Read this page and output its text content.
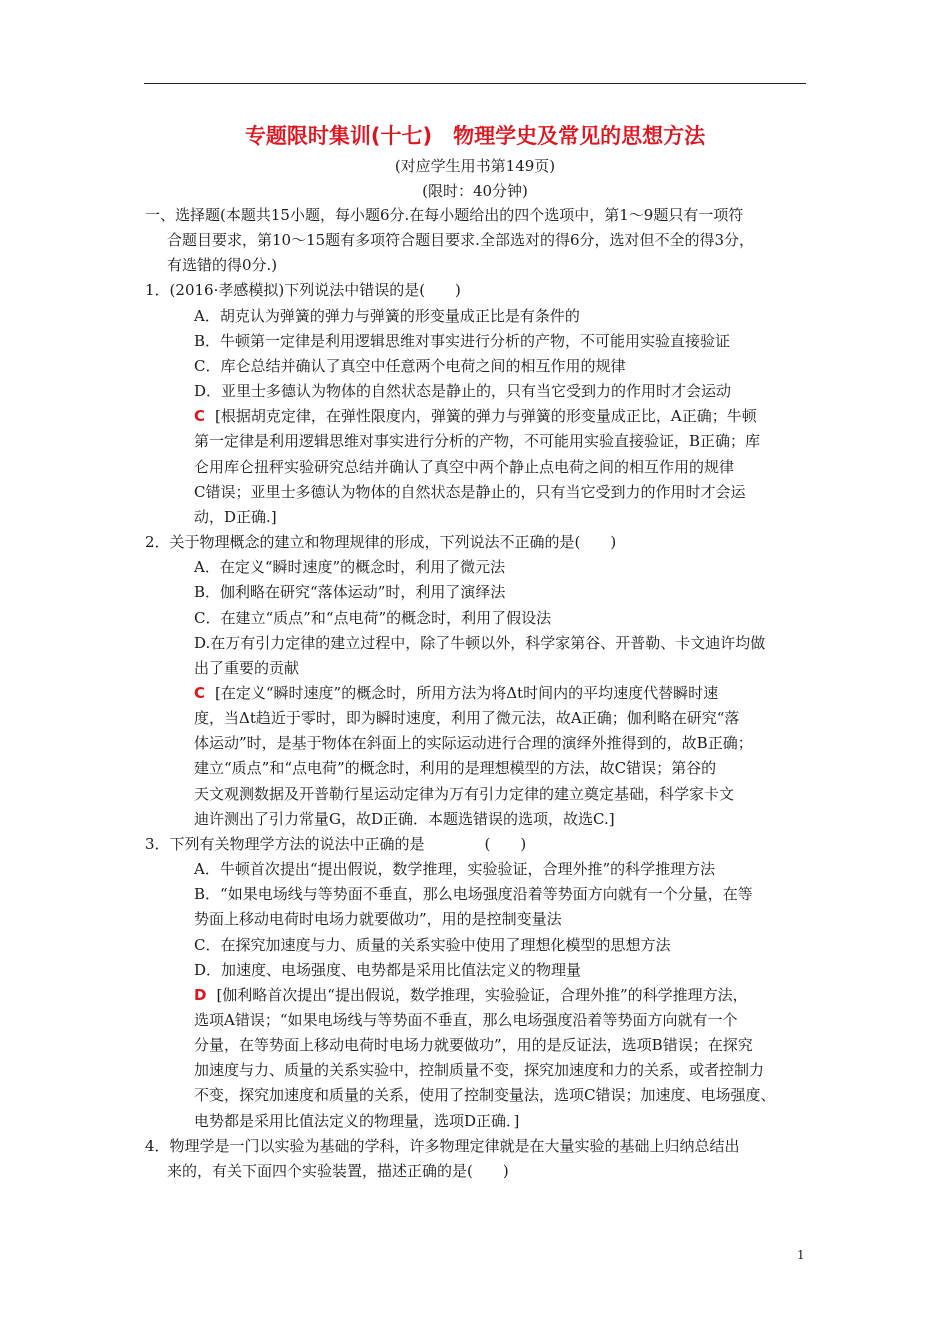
专题限时集训(十七)　物理学史及常见的思想方法
(对应学生用书第149页)
(限时：40分钟)
一、选择题(本题共15小题，每小题6分.在每小题给出的四个选项中，第1～9题只有一项符
合题目要求，第10～15题有多项符合题目要求.全部选对的得6分，选对但不全的得3分，
有选错的得0分.)
1．(2016·孝感模拟)下列说法中错误的是(　　)
A．胡克认为弹簧的弹力与弹簧的形变量成正比是有条件的
B．牛顿第一定律是利用逻辑思维对事实进行分析的产物，不可能用实验直接验证
C．库仑总结并确认了真空中任意两个电荷之间的相互作用的规律
D．亚里士多德认为物体的自然状态是静止的，只有当它受到力的作用时才会运动
C [根据胡克定律，在弹性限度内，弹簧的弹力与弹簧的形变量成正比，A正确；牛顿
第一定律是利用逻辑思维对事实进行分析的产物，不可能用实验直接验证，B正确；库
仑用库仑扭秤实验研究总结并确认了真空中两个静止点电荷之间的相互作用的规律
C错误；亚里士多德认为物体的自然状态是静止的，只有当它受到力的作用时才会运
动，D正确.]
2．关于物理概念的建立和物理规律的形成，下列说法不正确的是(　　)
A．在定义“瞬时速度”的概念时，利用了微元法
B．伽利略在研究“落体运动”时，利用了演绎法
C．在建立“质点”和“点电荷”的概念时，利用了假设法
D.在万有引力定律的建立过程中，除了牛顿以外，科学家第谷、开普勒、卡文迪许均做
出了重要的贡献
C [在定义“瞬时速度”的概念时，所用方法为将Δt时间内的平均速度代替瞬时速
度，当Δt趋近于零时，即为瞬时速度，利用了微元法，故A正确；伽利略在研究“落
体运动”时，是基于物体在斜面上的实际运动进行合理的演绎外推得到的，故B正确；
建立“质点”和“点电荷”的概念时，利用的是理想模型的方法，故C错误；第谷的
天文观测数据及开普勒行星运动定律为万有引力定律的建立奠定基础，科学家卡文
迪许测出了引力常量G，故D正确．本题选错误的选项，故选C.]
3．下列有关物理学方法的说法中正确的是　　　　(　　)
A．牛顿首次提出“提出假说，数学推理，实验验证，合理外推”的科学推理方法
B．“如果电场线与等势面不垂直，那么电场强度沿着等势面方向就有一个分量，在等
势面上移动电荷时电场力就要做功”，用的是控制变量法
C．在探究加速度与力、质量的关系实验中使用了理想化模型的思想方法
D．加速度、电场强度、电势都是采用比值法定义的物理量
D [伽利略首次提出“提出假说，数学推理，实验验证，合理外推”的科学推理方法，
选项A错误；“如果电场线与等势面不垂直，那么电场强度沿着等势面方向就有一个
分量，在等势面上移动电荷时电场力就要做功”，用的是反证法，选项B错误；在探究
加速度与力、质量的关系实验中，控制质量不变，探究加速度和力的关系，或者控制力
不变，探究加速度和质量的关系，使用了控制变量法，选项C错误；加速度、电场强度、
电势都是采用比值法定义的物理量，选项D正确．]
4．物理学是一门以实验为基础的学科，许多物理定律就是在大量实验的基础上归纳总结出
来的，有关下面四个实验装置，描述正确的是(　　)
1
